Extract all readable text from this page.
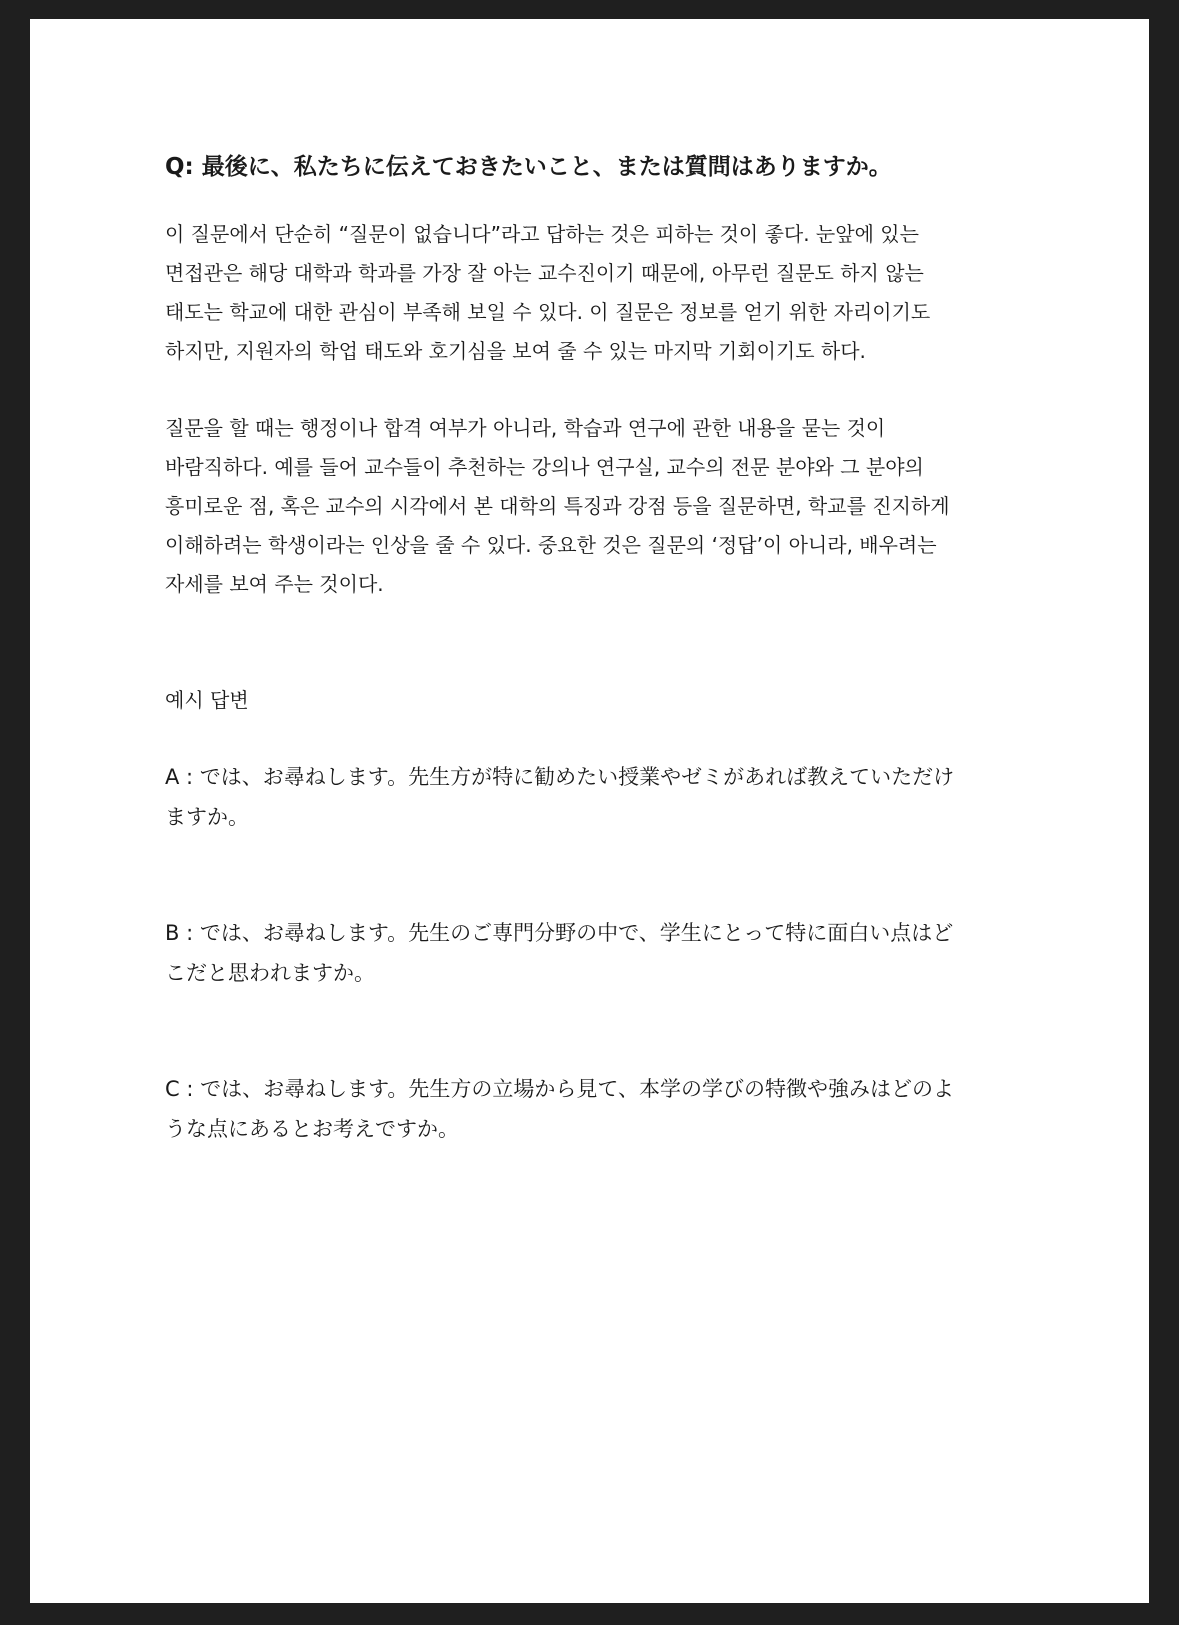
Q: 最後に、私たちに伝えておきたいこと、または質問はありますか。

이 질문에서 단순히 “질문이 없습니다”라고 답하는 것은 피하는 것이 좋다. 눈앞에 있는
면접관은 해당 대학과 학과를 가장 잘 아는 교수진이기 때문에, 아무런 질문도 하지 않는
태도는 학교에 대한 관심이 부족해 보일 수 있다. 이 질문은 정보를 얻기 위한 자리이기도
하지만, 지원자의 학업 태도와 호기심을 보여 줄 수 있는 마지막 기회이기도 하다.

질문을 할 때는 행정이나 합격 여부가 아니라, 학습과 연구에 관한 내용을 묻는 것이
바람직하다. 예를 들어 교수들이 추천하는 강의나 연구실, 교수의 전문 분야와 그 분야의
흥미로운 점, 혹은 교수의 시각에서 본 대학의 특징과 강점 등을 질문하면, 학교를 진지하게
이해하려는 학생이라는 인상을 줄 수 있다. 중요한 것은 질문의 ‘정답’이 아니라, 배우려는
자세를 보여 주는 것이다.

예시 답변

A : では、お尋ねします。先生方が特に勧めたい授業やゼミがあれば教えていただけ
ますか。

B : では、お尋ねします。先生のご専門分野の中で、学生にとって特に面白い点はど
こだと思われますか。

C : では、お尋ねします。先生方の立場から見て、本学の学びの特徴や強みはどのよ
うな点にあるとお考えですか。
